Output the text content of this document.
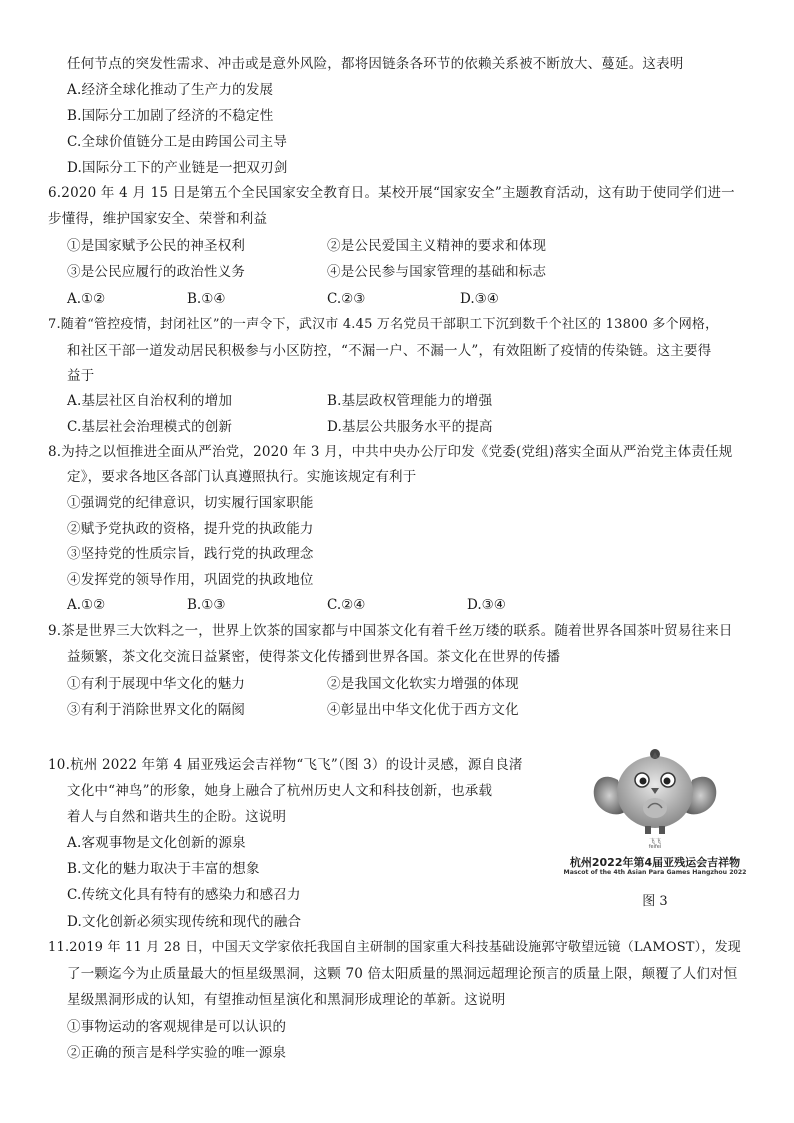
任何节点的突发性需求、冲击或是意外风险，都将因链条各环节的依赖关系被不断放大、蔓延。这表明
A.经济全球化推动了生产力的发展
B.国际分工加剧了经济的不稳定性
C.全球价值链分工是由跨国公司主导
D.国际分工下的产业链是一把双刃剑
6.2020 年 4 月 15 日是第五个全民国家安全教育日。某校开展“国家安全”主题教育活动，这有助于使同学们进一
步懂得，维护国家安全、荣誉和利益
①是国家赋予公民的神圣权利	②是公民爱国主义精神的要求和体现
③是公民应履行的政治性义务	④是公民参与国家管理的基础和标志
A.①②	B.①④	C.②③	D.③④
7.随着“管控疫情，封闭社区”的一声令下，武汉市 4.45 万名党员干部职工下沉到数千个社区的 13800 多个网格，
和社区干部一道发动居民积极参与小区防控，“不漏一户、不漏一人”，有效阻断了疫情的传染链。这主要得
益于
A.基层社区自治权利的增加	B.基层政权管理能力的增强
C.基层社会治理模式的创新	D.基层公共服务水平的提高
8.为持之以恒推进全面从严治党，2020 年 3 月，中共中央办公厅印发《党委(党组)落实全面从严治党主体责任规
定》，要求各地区各部门认真遵照执行。实施该规定有利于
①强调党的纪律意识，切实履行国家职能
②赋予党执政的资格，提升党的执政能力
③坚持党的性质宗旨，践行党的执政理念
④发挥党的领导作用，巩固党的执政地位
A.①②	B.①③	C.②④	D.③④
9.茶是世界三大饮料之一，世界上饮茶的国家都与中国茶文化有着千丝万缕的联系。随着世界各国茶叶贸易往来日
益频繁，茶文化交流日益紧密，使得茶文化传播到世界各国。茶文化在世界的传播
①有利于展现中华文化的魅力	②是我国文化软实力增强的体现
③有利于消除世界文化的隔阂	④彰显出中华文化优于西方文化
10.杭州 2022 年第 4 届亚残运会吉祥物“飞飞”（图 3）的设计灵感，源自良渚
文化中“神鸟”的形象，她身上融合了杭州历史人文和科技创新，也承载
着人与自然和谐共生的企盼。这说明
A.客观事物是文化创新的源泉
B.文化的魅力取决于丰富的想象
C.传统文化具有特有的感染力和感召力
D.文化创新必须实现传统和现代的融合
飞飞
feifei
杭州2022年第4届亚残运会吉祥物
Mascot of the 4th Asian Para Games Hangzhou 2022
图 3
11.2019 年 11 月 28 日，中国天文学家依托我国自主研制的国家重大科技基础设施郭守敬望远镜（LAMOST），发现
了一颗迄今为止质量最大的恒星级黑洞，这颗 70 倍太阳质量的黑洞远超理论预言的质量上限，颠覆了人们对恒
星级黑洞形成的认知，有望推动恒星演化和黑洞形成理论的革新。这说明
①事物运动的客观规律是可以认识的
②正确的预言是科学实验的唯一源泉
